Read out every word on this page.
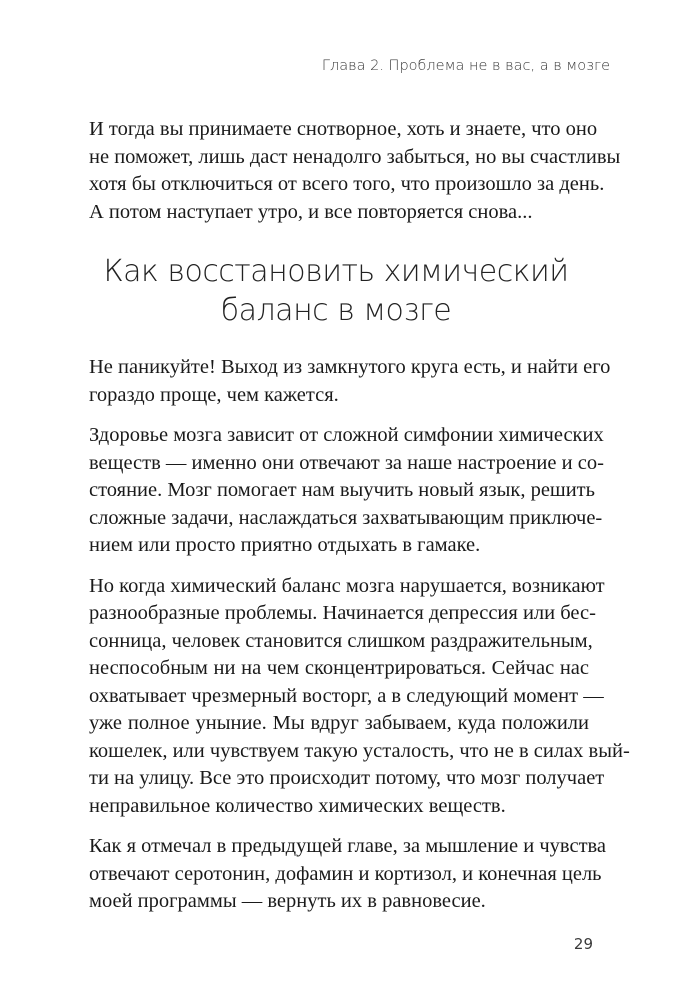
Глава 2. Проблема не в вас, а в мозге

И тогда вы принимаете снотворное, хоть и знаете, что оно
не поможет, лишь даст ненадолго забыться, но вы счастливы
хотя бы отключиться от всего того, что произошло за день.
А потом наступает утро, и все повторяется снова...

Как восстановить химический
баланс в мозге

Не паникуйте! Выход из замкнутого круга есть, и найти его
гораздо проще, чем кажется.

Здоровье мозга зависит от сложной симфонии химических
веществ — именно они отвечают за наше настроение и со-
стояние. Мозг помогает нам выучить новый язык, решить
сложные задачи, наслаждаться захватывающим приключе-
нием или просто приятно отдыхать в гамаке.

Но когда химический баланс мозга нарушается, возникают
разнообразные проблемы. Начинается депрессия или бес-
сонница, человек становится слишком раздражительным,
неспособным ни на чем сконцентрироваться. Сейчас нас
охватывает чрезмерный восторг, а в следующий момент —
уже полное уныние. Мы вдруг забываем, куда положили
кошелек, или чувствуем такую усталость, что не в силах вый-
ти на улицу. Все это происходит потому, что мозг получает
неправильное количество химических веществ.

Как я отмечал в предыдущей главе, за мышление и чувства
отвечают серотонин, дофамин и кортизол, и конечная цель
моей программы — вернуть их в равновесие.

29
